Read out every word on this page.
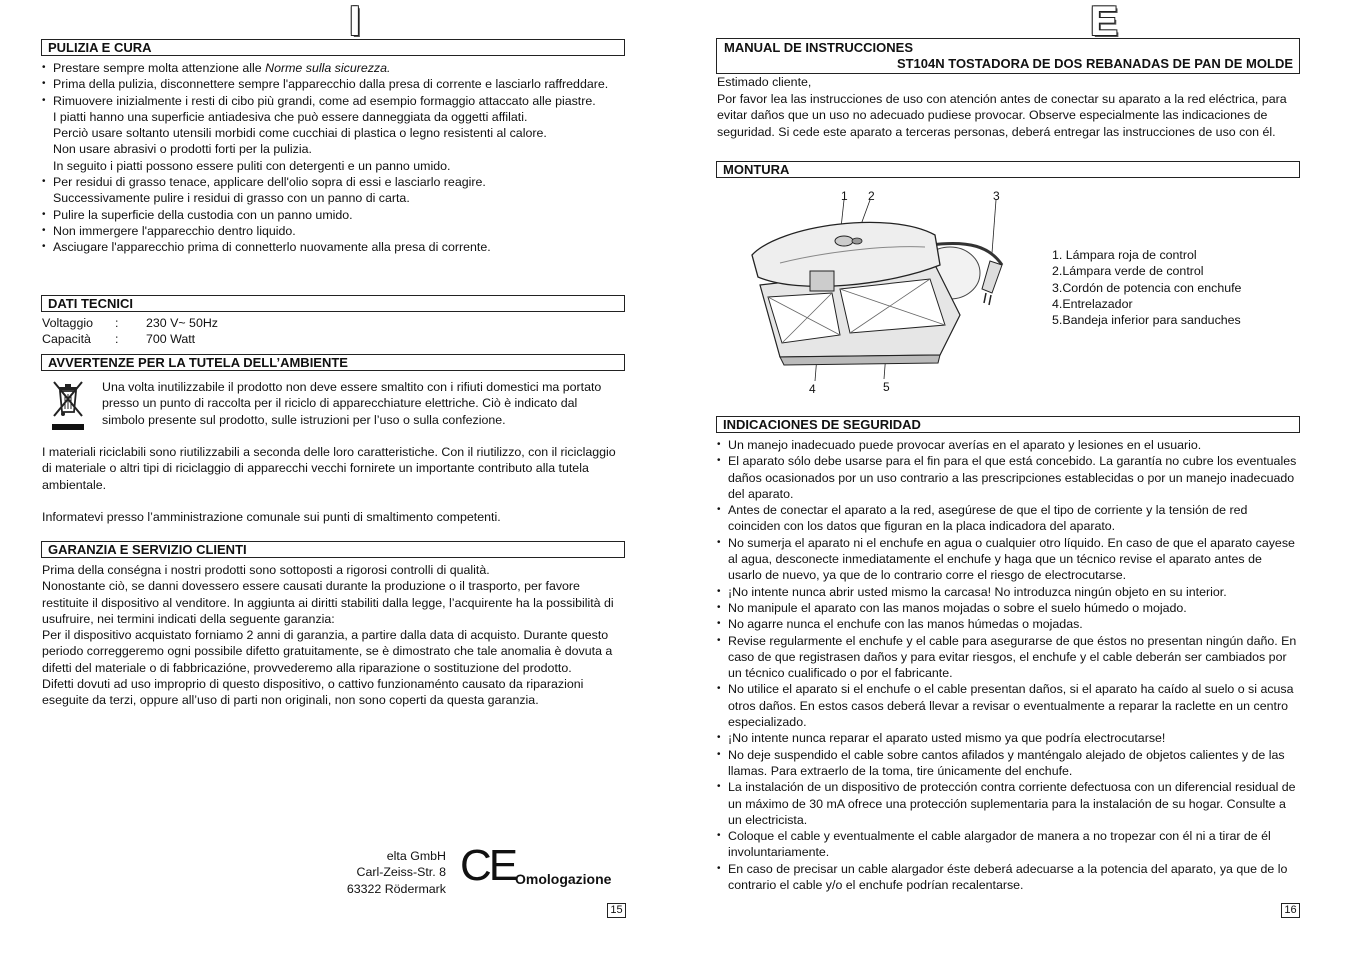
I
PULIZIA E CURA
• Prestare sempre molta attenzione alle Norme sulla sicurezza.
• Prima della pulizia, disconnettere sempre l'apparecchio dalla presa di corrente e lasciarlo raffreddare.
• Rimuovere inizialmente i resti di cibo più grandi, come ad esempio formaggio attaccato alle piastre.
I piatti hanno una superficie antiadesiva che può essere danneggiata da oggetti affilati.
Perciò usare soltanto utensili morbidi come cucchiai di plastica o legno resistenti al calore.
Non usare abrasivi o prodotti forti per la pulizia.
In seguito i piatti possono essere puliti con detergenti e un panno umido.
• Per residui di grasso tenace, applicare dell'olio sopra di essi e lasciarlo reagire.
Successivamente pulire i residui di grasso con un panno di carta.
• Pulire la superficie della custodia con un panno umido.
• Non immergere l'apparecchio dentro liquido.
• Asciugare l'apparecchio prima di connetterlo nuovamente alla presa di corrente.
DATI TECNICI
Voltaggio	:	230 V~ 50Hz
Capacità	:	700 Watt
AVVERTENZE PER LA TUTELA DELL’AMBIENTE
Una volta inutilizzabile il prodotto non deve essere smaltito con i rifiuti domestici ma portato presso un punto di raccolta per il riciclo di apparecchiature elettriche. Ciò è indicato dal simbolo presente sul prodotto, sulle istruzioni per l’uso o sulla confezione.
I materiali riciclabili sono riutilizzabili a seconda delle loro caratteristiche. Con il riutilizzo, con il riciclaggio di materiale o altri tipi di riciclaggio di apparecchi vecchi fornirete un importante contributo alla tutela ambientale.
Informatevi presso l’amministrazione comunale sui punti di smaltimento competenti.
GARANZIA E SERVIZIO CLIENTI
Prima della conségna i nostri prodotti sono sottoposti a rigorosi controlli di qualità.
Nonostante ciò, se danni dovessero essere causati durante la produzione o il trasporto, per favore restituite il dispositivo al venditore. In aggiunta ai diritti stabiliti dalla legge, l’acquirente ha la possibilità di usufruire, nei termini indicati della seguente garanzia:
Per il dispositivo acquistato forniamo 2 anni di garanzia, a partire dalla data di acquisto. Durante questo periodo correggeremo ogni possibile difetto gratuitamente, se è dimostrato che tale anomalia è dovuta a difetti del materiale o di fabbricazióne, provvederemo alla riparazione o sostituzione del prodotto.
Difetti dovuti ad uso improprio di questo dispositivo, o cattivo funzionaménto causato da riparazioni eseguite da terzi, oppure all’uso di parti non originali, non sono coperti da questa garanzia.
elta GmbH
Carl-Zeiss-Str. 8
63322 Rödermark CE Omologazione
15
E
MANUAL DE INSTRUCCIONES
ST104N TOSTADORA DE DOS REBANADAS DE PAN DE MOLDE
Estimado cliente,
Por favor lea las instrucciones de uso con atención antes de conectar su aparato a la red eléctrica, para evitar daños que un uso no adecuado pudiese provocar. Observe especialmente las indicaciones de seguridad. Si cede este aparato a terceras personas, deberá entregar las instrucciones de uso con él.
MONTURA
1 2	3
4	5
1. Lámpara roja de control
2.Lámpara verde de control
3.Cordón de potencia con enchufe
4.Entrelazador
5.Bandeja inferior para sanduches
INDICACIONES DE SEGURIDAD
• Un manejo inadecuado puede provocar averías en el aparato y lesiones en el usuario.
• El aparato sólo debe usarse para el fin para el que está concebido. La garantía no cubre los eventuales daños ocasionados por un uso contrario a las prescripciones establecidas o por un manejo inadecuado del aparato.
• Antes de conectar el aparato a la red, asegúrese de que el tipo de corriente y la tensión de red coinciden con los datos que figuran en la placa indicadora del aparato.
• No sumerja el aparato ni el enchufe en agua o cualquier otro líquido. En caso de que el aparato cayese al agua, desconecte inmediatamente el enchufe y haga que un técnico revise el aparato antes de usarlo de nuevo, ya que de lo contrario corre el riesgo de electrocutarse.
• ¡No intente nunca abrir usted mismo la carcasa! No introduzca ningún objeto en su interior.
• No manipule el aparato con las manos mojadas o sobre el suelo húmedo o mojado.
• No agarre nunca el enchufe con las manos húmedas o mojadas.
• Revise regularmente el enchufe y el cable para asegurarse de que éstos no presentan ningún daño. En caso de que registrasen daños y para evitar riesgos, el enchufe y el cable deberán ser cambiados por un técnico cualificado o por el fabricante.
• No utilice el aparato si el enchufe o el cable presentan daños, si el aparato ha caído al suelo o si acusa otros daños. En estos casos deberá llevar a revisar o eventualmente a reparar la raclette en un centro especializado.
• ¡No intente nunca reparar el aparato usted mismo ya que podría electrocutarse!
• No deje suspendido el cable sobre cantos afilados y manténgalo alejado de objetos calientes y de las llamas. Para extraerlo de la toma, tire únicamente del enchufe.
• La instalación de un dispositivo de protección contra corriente defectuosa con un diferencial residual de un máximo de 30 mA ofrece una protección suplementaria para la instalación de su hogar. Consulte a un electricista.
• Coloque el cable y eventualmente el cable alargador de manera a no tropezar con él ni a tirar de él involuntariamente.
• En caso de precisar un cable alargador éste deberá adecuarse a la potencia del aparato, ya que de lo contrario el cable y/o el enchufe podrían recalentarse.
16
